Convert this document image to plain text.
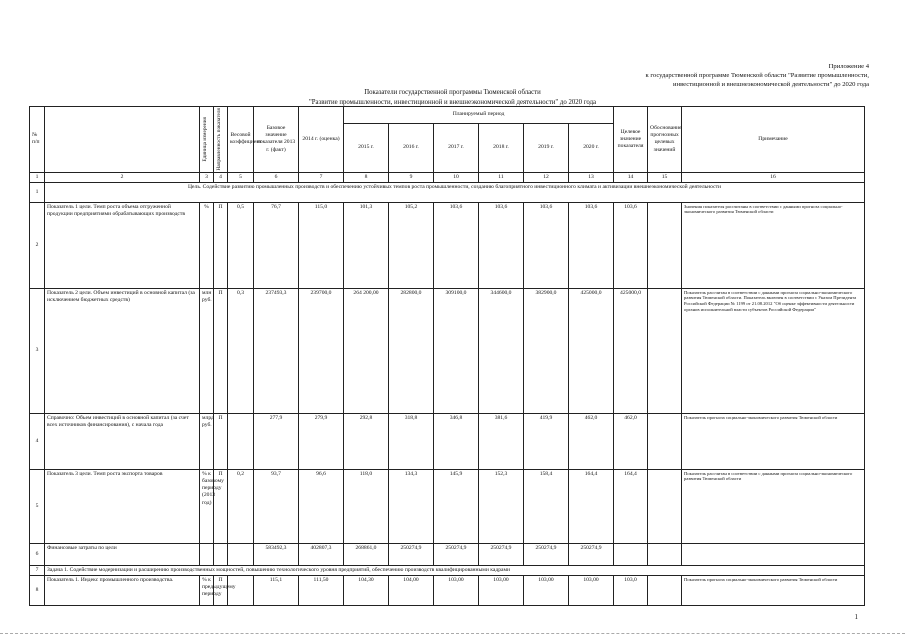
Приложение 4
к государственной программе Тюменской области "Развитие промышленности,
инвестиционной и внешнеэкономической деятельности" до 2020 года
Показатели государственной программы Тюменской области
"Развитие промышленности, инвестиционной и внешнеэкономической деятельности" до 2020 года
№ п/п		Единица измерения	Направленность показателя	Весовой коэффициент	Базовое значение показателя 2013 г. (факт)	2014 г. (оценка)	Планируемый период						Целевое значение показателя	Обоснование прогнозных целевых значений	Примечание
							2015 г.	2016 г.	2017 г.	2018 г.	2019 г.	2020 г.			
1	2	3	4	5	6	7	8	9	10	11	12	13	14	15	16
1	Цель. Содействие развитию промышленных производств и обеспечению устойчивых темпов роста промышленности, созданию благоприятного инвестиционного климата и активизации внешнеэкономической деятельности														
2	Показатель 1 цели. Темп роста объема отгруженной продукции предприятиями обрабатывающих производств	%	П	0,5	76,7	115,0	101,3	105,2	103,6	103,6	103,6	103,6	103,6		Значения показателя рассчитаны в соответствии с данными прогноза социально-экономического развития Тюменской области
3	Показатель 2 цели. Объем инвестиций в основной капитал (за исключением бюджетных средств)	млн руб.	П	0,3	237493,3	239700,0	264 200,00	282800,0	309100,0	344600,0	382900,0	425000,0	425000,0		Показатель рассчитан в соответствии с данными прогноза социально-экономического развития Тюменской области. Показатель включен в соответствии с Указом Президента Российской Федерации № 1199 от 21.08.2012 "Об оценке эффективности деятельности органов исполнительной власти субъектов Российской Федерации"
4	Справочно: Объем инвестиций в основной капитал (за счет всех источников финансирования), с начала года	млрд руб.	П		277,9	279,9	292,8	318,8	346,8	381,6	419,9	462,0	462,0		Показатель прогноза социально-экономического развития Тюменской области
5	Показатель 3 цели. Темп роста экспорта товаров	% к базовому периоду (2013 год)	П	0,2	93,7	96,6	118,0	134,3	145,9	152,3	158,4	164,4	164,4		Показатель рассчитан в соответствии с данными прогноза социально-экономического развития Тюменской области
6	Финансовые затраты по цели				583492,3	402807,3	268861,0	250274,9	250274,9	250274,9	250274,9	250274,9			
7	Задача 1. Содействие модернизации и расширению производственных мощностей, повышению технологического уровня предприятий, обеспечению производств квалифицированными кадрами														
8	Показатель 1. Индекс промышленного производства.	% к предыдущему периоду	П		115,1	111,50	104,30	104,00	103,00	103,00	103,00	103,00	103,0		Показатель прогноза социально-экономического развития Тюменской области
1
